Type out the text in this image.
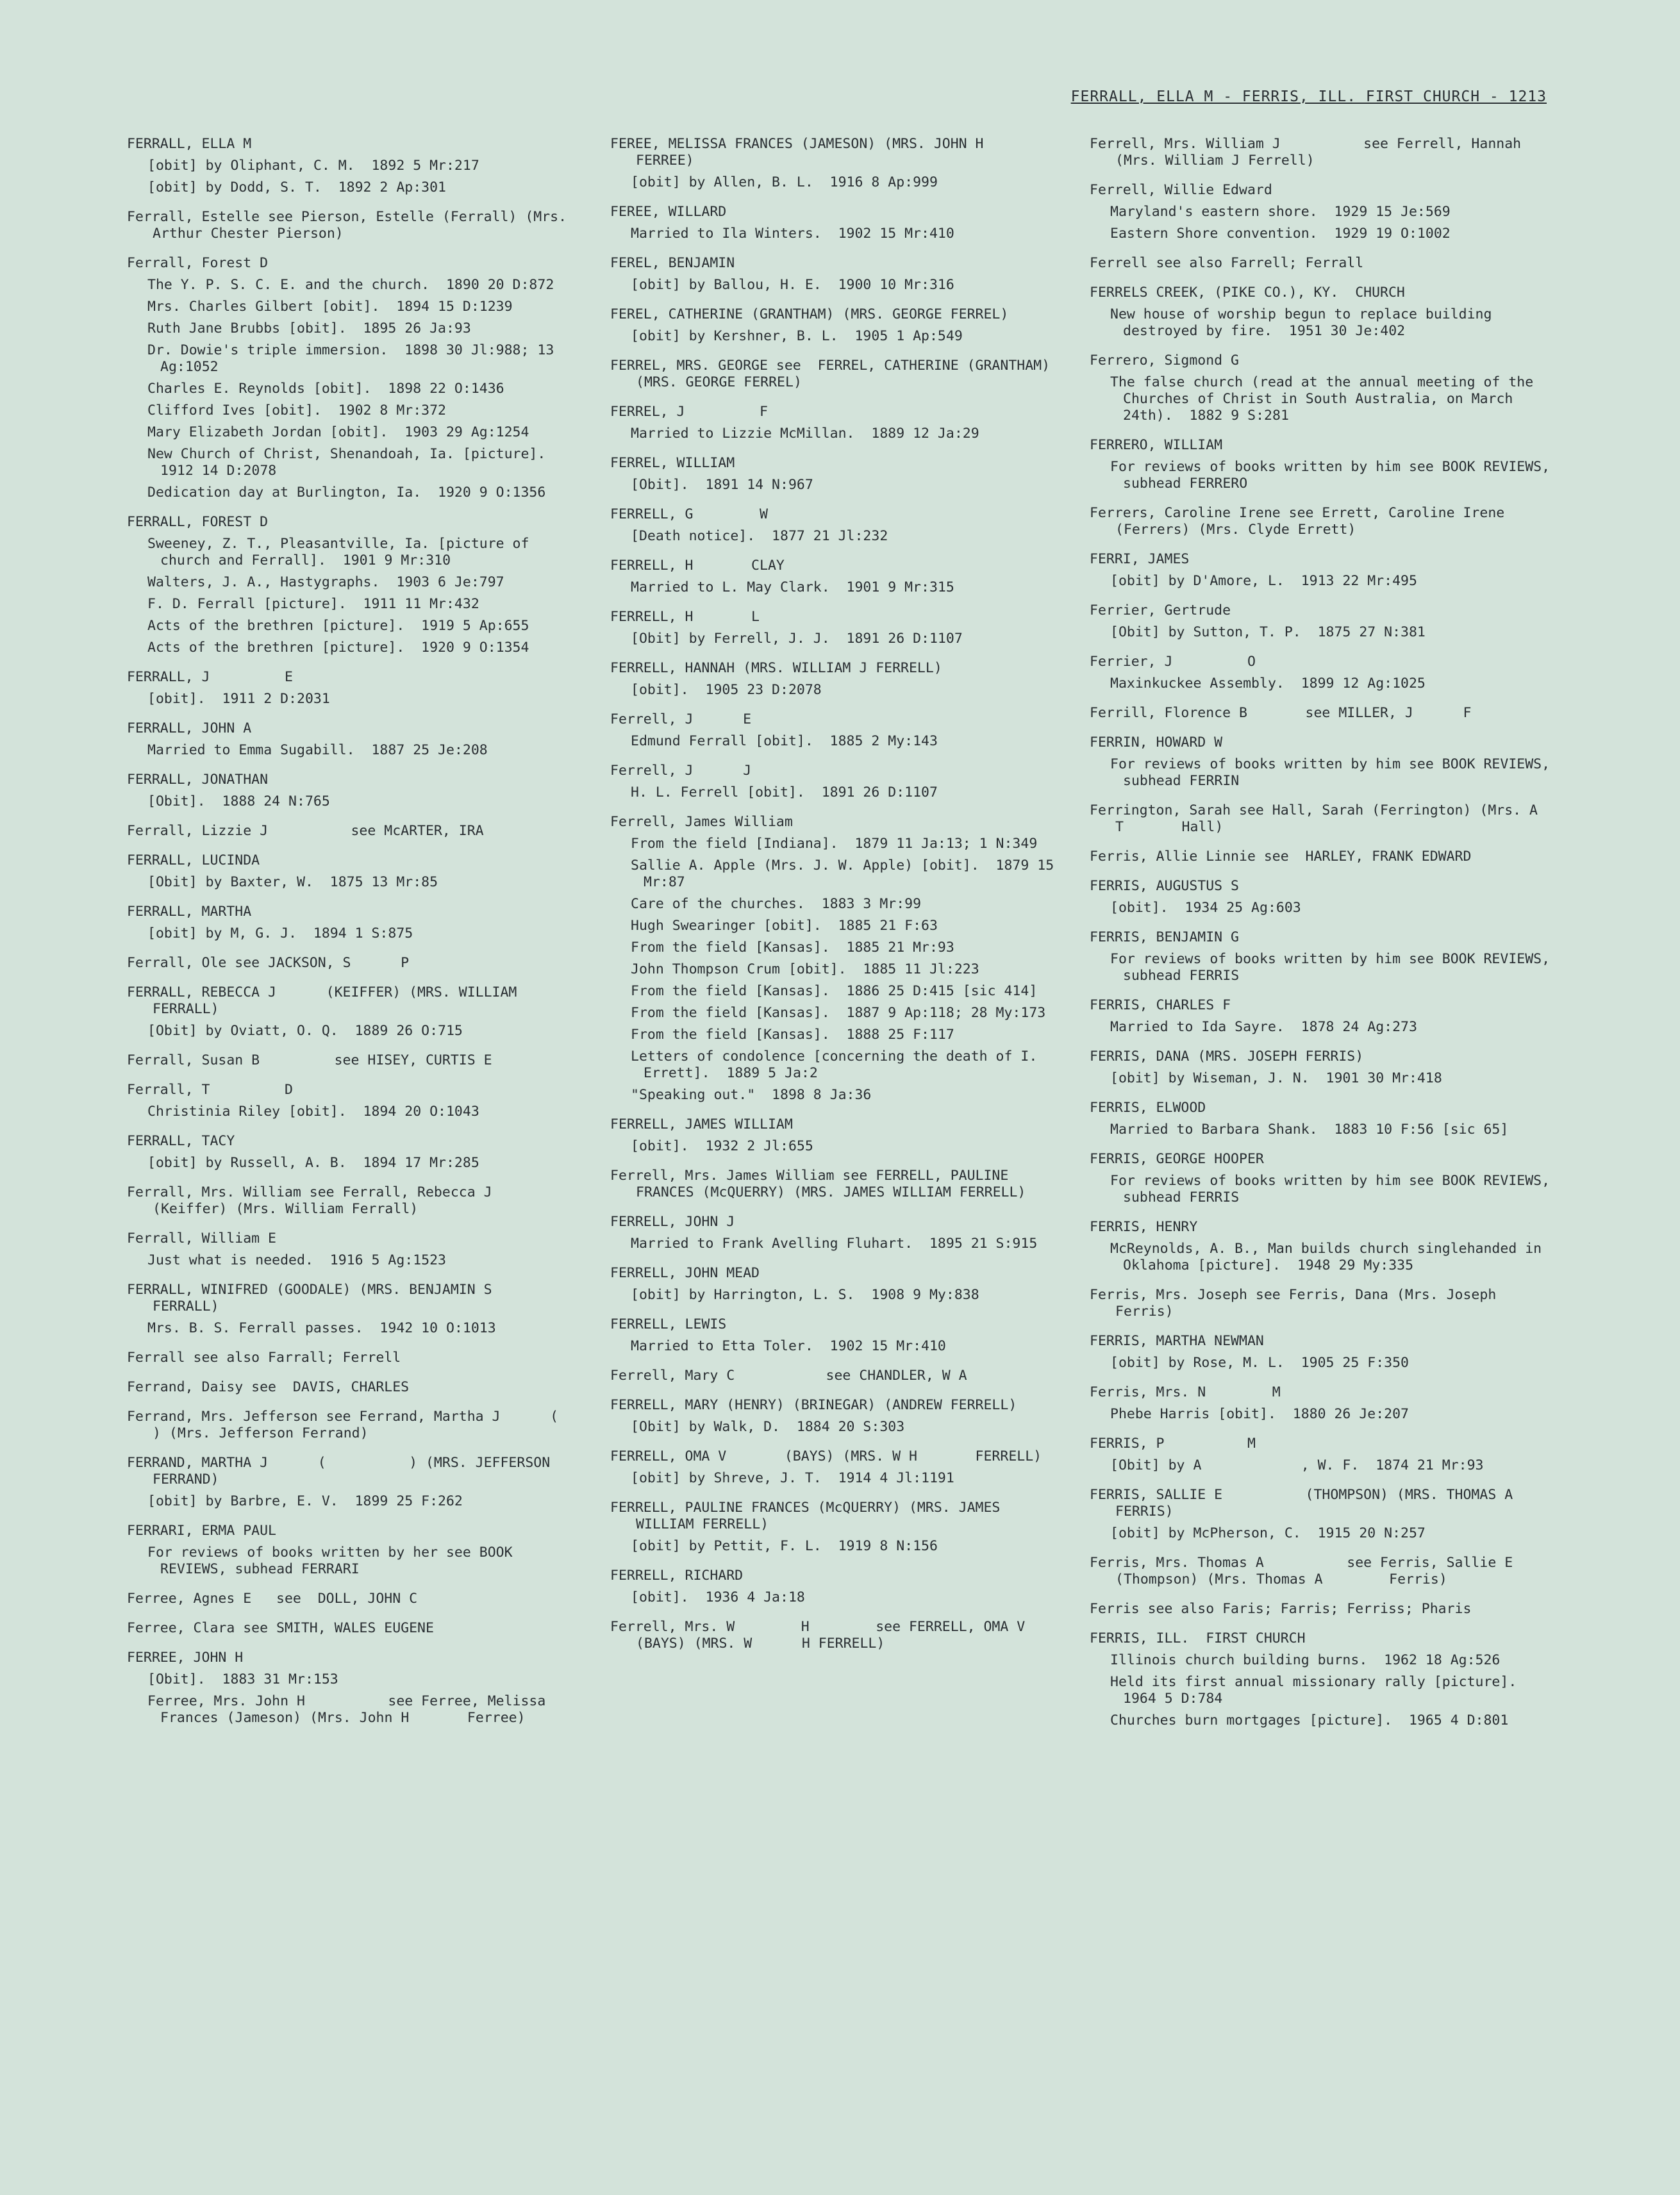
FERRALL, ELLA M - FERRIS, ILL. FIRST CHURCH - 1213
FERRALL, ELLA M
[obit] by Oliphant, C. M.  1892 5 Mr:217
[obit] by Dodd, S. T.  1892 2 Ap:301
Ferrall, Estelle see Pierson, Estelle (Ferrall) (Mrs. Arthur Chester Pierson)
Ferrall, Forest D
The Y. P. S. C. E. and the church.  1890 20 D:872
Mrs. Charles Gilbert [obit].  1894 15 D:1239
Ruth Jane Brubbs [obit].  1895 26 Ja:93
Dr. Dowie's triple immersion.  1898 30 Jl:988; 13 Ag:1052
Charles E. Reynolds [obit].  1898 22 O:1436
Clifford Ives [obit].  1902 8 Mr:372
Mary Elizabeth Jordan [obit].  1903 29 Ag:1254
New Church of Christ, Shenandoah, Ia. [picture].  1912 14 D:2078
Dedication day at Burlington, Ia.  1920 9 O:1356
FERRALL, FOREST D
Sweeney, Z. T., Pleasantville, Ia. [picture of church and Ferrall].  1901 9 Mr:310
Walters, J. A., Hastygraphs.  1903 6 Je:797
F. D. Ferrall [picture].  1911 11 Mr:432
Acts of the brethren [picture].  1919 5 Ap:655
Acts of the brethren [picture].  1920 9 O:1354
FERRALL, J         E
[obit].  1911 2 D:2031
FERRALL, JOHN A
Married to Emma Sugabill.  1887 25 Je:208
FERRALL, JONATHAN
[Obit].  1888 24 N:765
Ferrall, Lizzie J          see McARTER, IRA
FERRALL, LUCINDA
[Obit] by Baxter, W.  1875 13 Mr:85
FERRALL, MARTHA
[obit] by M, G. J.  1894 1 S:875
Ferrall, Ole see JACKSON, S      P
FERRALL, REBECCA J      (KEIFFER) (MRS. WILLIAM FERRALL)
[Obit] by Oviatt, O. Q.  1889 26 O:715
Ferrall, Susan B         see HISEY, CURTIS E
Ferrall, T         D
Christinia Riley [obit].  1894 20 O:1043
FERRALL, TACY
[obit] by Russell, A. B.  1894 17 Mr:285
Ferrall, Mrs. William see Ferrall, Rebecca J      (Keiffer) (Mrs. William Ferrall)
Ferrall, William E
Just what is needed.  1916 5 Ag:1523
FERRALL, WINIFRED (GOODALE) (MRS. BENJAMIN S      FERRALL)
Mrs. B. S. Ferrall passes.  1942 10 O:1013
Ferrall see also Farrall; Ferrell
Ferrand, Daisy see  DAVIS, CHARLES
Ferrand, Mrs. Jefferson see Ferrand, Martha J      (        ) (Mrs. Jefferson Ferrand)
FERRAND, MARTHA J      (          ) (MRS. JEFFERSON FERRAND)
[obit] by Barbre, E. V.  1899 25 F:262
FERRARI, ERMA PAUL
For reviews of books written by her see BOOK REVIEWS, subhead FERRARI
Ferree, Agnes E   see  DOLL, JOHN C
Ferree, Clara see SMITH, WALES EUGENE
FERREE, JOHN H
[Obit].  1883 31 Mr:153
Ferree, Mrs. John H          see Ferree, Melissa Frances (Jameson) (Mrs. John H       Ferree)
FEREE, MELISSA FRANCES (JAMESON) (MRS. JOHN H        FERREE)
[obit] by Allen, B. L.  1916 8 Ap:999
FEREE, WILLARD
Married to Ila Winters.  1902 15 Mr:410
FEREL, BENJAMIN
[obit] by Ballou, H. E.  1900 10 Mr:316
FEREL, CATHERINE (GRANTHAM) (MRS. GEORGE FERREL)
[obit] by Kershner, B. L.  1905 1 Ap:549
FERREL, MRS. GEORGE see  FERREL, CATHERINE (GRANTHAM) (MRS. GEORGE FERREL)
FERREL, J         F
Married to Lizzie McMillan.  1889 12 Ja:29
FERREL, WILLIAM
[Obit].  1891 14 N:967
FERRELL, G        W
[Death notice].  1877 21 Jl:232
FERRELL, H       CLAY
Married to L. May Clark.  1901 9 Mr:315
FERRELL, H       L
[Obit] by Ferrell, J. J.  1891 26 D:1107
FERRELL, HANNAH (MRS. WILLIAM J FERRELL)
[obit].  1905 23 D:2078
Ferrell, J      E
Edmund Ferrall [obit].  1885 2 My:143
Ferrell, J      J
H. L. Ferrell [obit].  1891 26 D:1107
Ferrell, James William
From the field [Indiana].  1879 11 Ja:13; 1 N:349
Sallie A. Apple (Mrs. J. W. Apple) [obit].  1879 15 Mr:87
Care of the churches.  1883 3 Mr:99
Hugh Swearinger [obit].  1885 21 F:63
From the field [Kansas].  1885 21 Mr:93
John Thompson Crum [obit].  1885 11 Jl:223
From the field [Kansas].  1886 25 D:415 [sic 414]
From the field [Kansas].  1887 9 Ap:118; 28 My:173
From the field [Kansas].  1888 25 F:117
Letters of condolence [concerning the death of I. Errett].  1889 5 Ja:2
"Speaking out."  1898 8 Ja:36
FERRELL, JAMES WILLIAM
[obit].  1932 2 Jl:655
Ferrell, Mrs. James William see FERRELL, PAULINE FRANCES (McQUERRY) (MRS. JAMES WILLIAM FERRELL)
FERRELL, JOHN J
Married to Frank Avelling Fluhart.  1895 21 S:915
FERRELL, JOHN MEAD
[obit] by Harrington, L. S.  1908 9 My:838
FERRELL, LEWIS
Married to Etta Toler.  1902 15 Mr:410
Ferrell, Mary C           see CHANDLER, W A
FERRELL, MARY (HENRY) (BRINEGAR) (ANDREW FERRELL)
[Obit] by Walk, D.  1884 20 S:303
FERRELL, OMA V       (BAYS) (MRS. W H       FERRELL)
[obit] by Shreve, J. T.  1914 4 Jl:1191
FERRELL, PAULINE FRANCES (McQUERRY) (MRS. JAMES WILLIAM FERRELL)
[obit] by Pettit, F. L.  1919 8 N:156
FERRELL, RICHARD
[obit].  1936 4 Ja:18
Ferrell, Mrs. W        H        see FERRELL, OMA V      (BAYS) (MRS. W      H FERRELL)
Ferrell, Mrs. William J          see Ferrell, Hannah (Mrs. William J Ferrell)
Ferrell, Willie Edward
Maryland's eastern shore.  1929 15 Je:569
Eastern Shore convention.  1929 19 O:1002
Ferrell see also Farrell; Ferrall
FERRELS CREEK, (PIKE CO.), KY.  CHURCH
New house of worship begun to replace building destroyed by fire.  1951 30 Je:402
Ferrero, Sigmond G
The false church (read at the annual meeting of the Churches of Christ in South Australia, on March 24th).  1882 9 S:281
FERRERO, WILLIAM
For reviews of books written by him see BOOK REVIEWS, subhead FERRERO
Ferrers, Caroline Irene see Errett, Caroline Irene (Ferrers) (Mrs. Clyde Errett)
FERRI, JAMES
[obit] by D'Amore, L.  1913 22 Mr:495
Ferrier, Gertrude
[Obit] by Sutton, T. P.  1875 27 N:381
Ferrier, J         O
Maxinkuckee Assembly.  1899 12 Ag:1025
Ferrill, Florence B       see MILLER, J      F
FERRIN, HOWARD W
For reviews of books written by him see BOOK REVIEWS, subhead FERRIN
Ferrington, Sarah see Hall, Sarah (Ferrington) (Mrs. A          T       Hall)
Ferris, Allie Linnie see  HARLEY, FRANK EDWARD
FERRIS, AUGUSTUS S
[obit].  1934 25 Ag:603
FERRIS, BENJAMIN G
For reviews of books written by him see BOOK REVIEWS, subhead FERRIS
FERRIS, CHARLES F
Married to Ida Sayre.  1878 24 Ag:273
FERRIS, DANA (MRS. JOSEPH FERRIS)
[obit] by Wiseman, J. N.  1901 30 Mr:418
FERRIS, ELWOOD
Married to Barbara Shank.  1883 10 F:56 [sic 65]
FERRIS, GEORGE HOOPER
For reviews of books written by him see BOOK REVIEWS, subhead FERRIS
FERRIS, HENRY
McReynolds, A. B., Man builds church singlehanded in Oklahoma [picture].  1948 29 My:335
Ferris, Mrs. Joseph see Ferris, Dana (Mrs. Joseph Ferris)
FERRIS, MARTHA NEWMAN
[obit] by Rose, M. L.  1905 25 F:350
Ferris, Mrs. N        M
Phebe Harris [obit].  1880 26 Je:207
FERRIS, P          M
[Obit] by A            , W. F.  1874 21 Mr:93
FERRIS, SALLIE E          (THOMPSON) (MRS. THOMAS A        FERRIS)
[obit] by McPherson, C.  1915 20 N:257
Ferris, Mrs. Thomas A          see Ferris, Sallie E        (Thompson) (Mrs. Thomas A        Ferris)
Ferris see also Faris; Farris; Ferriss; Pharis
FERRIS, ILL.  FIRST CHURCH
Illinois church building burns.  1962 18 Ag:526
Held its first annual missionary rally [picture].  1964 5 D:784
Churches burn mortgages [picture].  1965 4 D:801
